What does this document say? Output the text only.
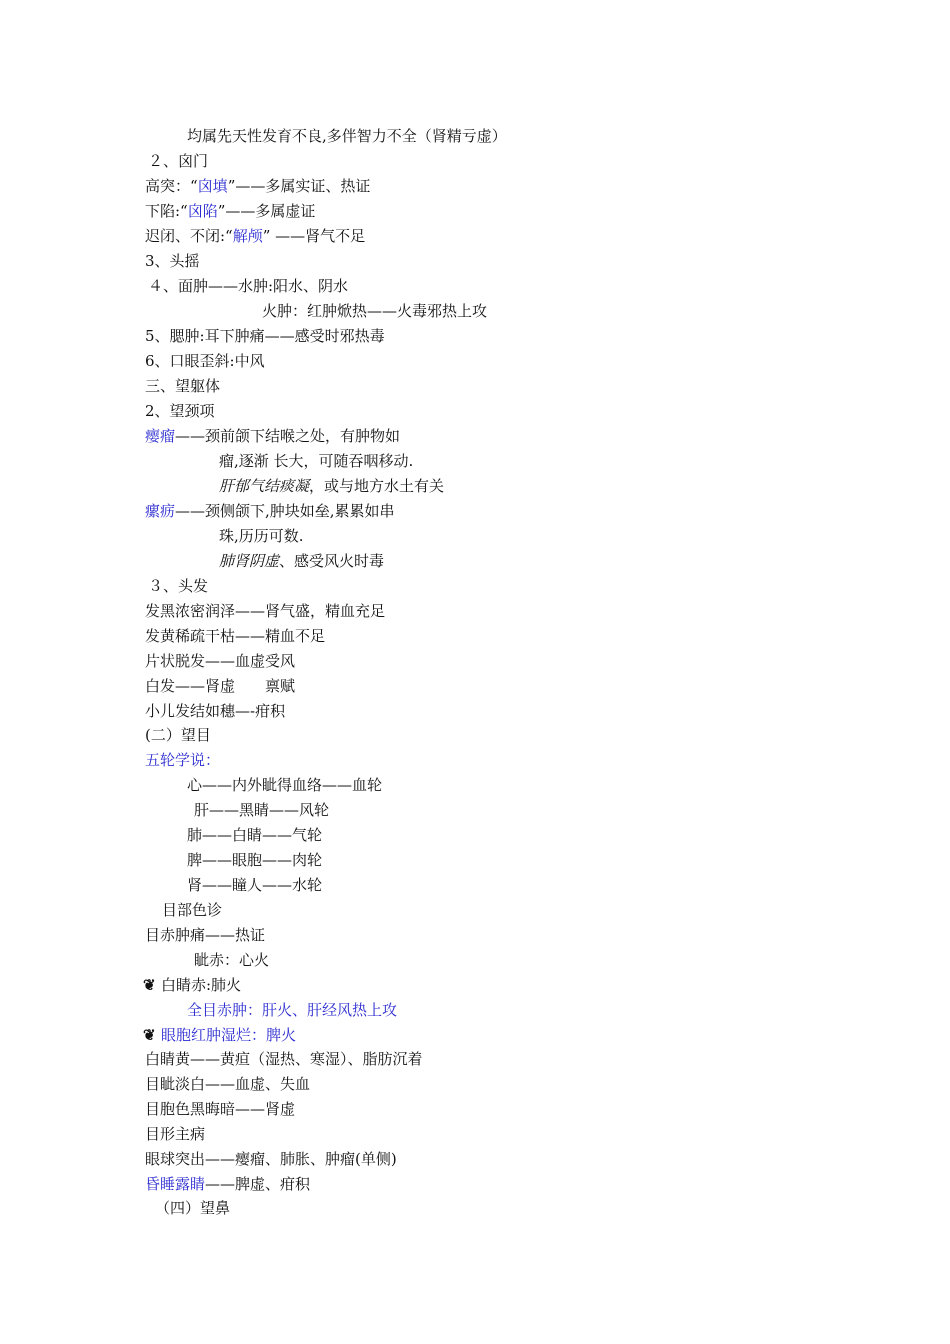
均属先天性发育不良,多伴智力不全（肾精亏虚）
２、囟门
高突：“囟填”——多属实证、热证
下陷:“囟陷”——多属虚证
迟闭、不闭:“解颅” ——肾气不足
3、头摇
４、面肿——水肿:阳水、阴水
火肿：红肿焮热——火毒邪热上攻
5、腮肿:耳下肿痛——感受时邪热毒
6、口眼歪斜:中风
三、望躯体
2、望颈项
瘿瘤——颈前颌下结喉之处，有肿物如
瘤,逐渐 长大，可随吞咽移动.
肝郁气结痰凝，或与地方水土有关
瘰疬——颈侧颌下,肿块如垒,累累如串
珠,历历可数.
肺肾阴虚、感受风火时毒
３、头发
发黑浓密润泽——肾气盛，精血充足
发黄稀疏干枯——精血不足
片状脱发——血虚受风
白发——肾虚　　禀赋
小儿发结如穗—-疳积
(二）望目
五轮学说：
心——内外眦得血络——血轮
肝——黑睛——风轮
肺——白睛——气轮
脾——眼胞——肉轮
肾——瞳人——水轮
目部色诊
目赤肿痛——热证
眦赤：心火
❦ 白睛赤:肺火
全目赤肿：肝火、肝经风热上攻
❦ 眼胞红肿湿烂：脾火
白睛黄——黄疸（湿热、寒湿）、脂肪沉着
目眦淡白——血虚、失血
目胞色黑晦暗——肾虚
目形主病
眼球突出——瘿瘤、肺胀、肿瘤(单侧)
昏睡露睛——脾虚、疳积
（四）望鼻
